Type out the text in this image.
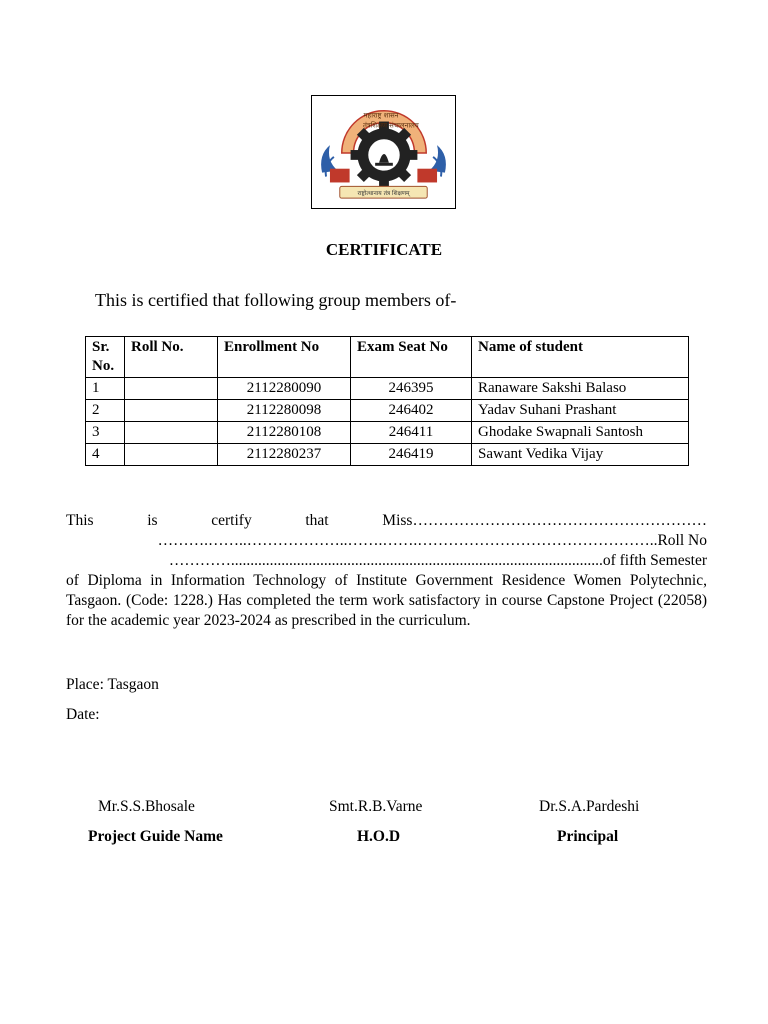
राष्ट्रोत्थानाय तंत्र शिक्षणम्
महाराष्ट्र शासन
तंत्रशिक्षण संचालनालय
CERTIFICATE
This is certified that following group members of-
Sr. No.	Roll No.	Enrollment No	Exam Seat No	Name of student
1		2112280090	246395	Ranaware Sakshi Balaso
2		2112280098	246402	Yadav Suhani Prashant
3		2112280108	246411	Ghodake Swapnali Santosh
4		2112280237	246419	Sawant Vedika Vijay
This	is	certify	that	Miss…………………………………………………
……….……..………………..…….…….………………………………………..Roll No
…………................................................................................................of fifth Semester
of Diploma in Information Technology of Institute Government Residence Women Polytechnic, Tasgaon. (Code: 1228.) Has completed the term work satisfactory in course Capstone Project (22058) for the academic year 2023-2024 as prescribed in the curriculum.
Place: Tasgaon
Date:
Mr.S.S.Bhosale
Project Guide Name
Smt.R.B.Varne
H.O.D
Dr.S.A.Pardeshi
Principal
